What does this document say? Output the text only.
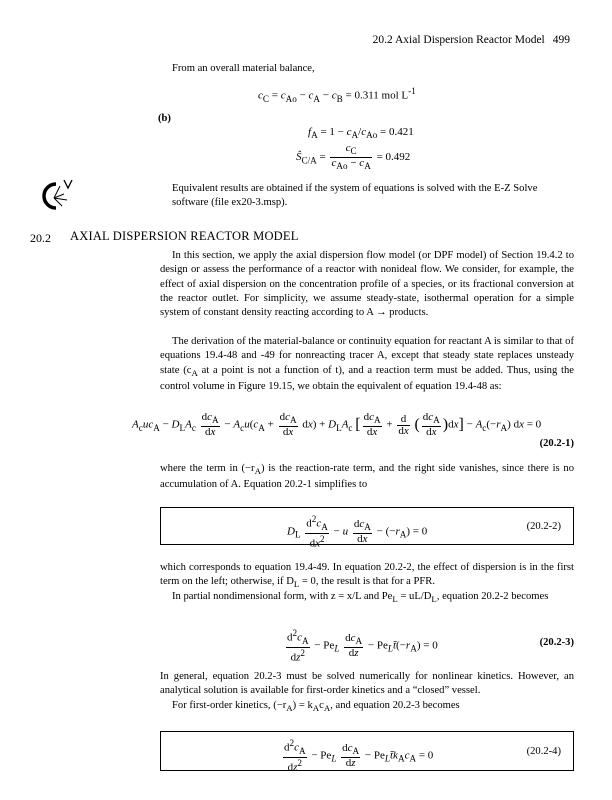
20.2 Axial Dispersion Reactor Model 499
From an overall material balance,
$c_C = c_{Ao} - c_A - c_B = 0.311$ mol $L^{-1}$
(b)
$f_A = 1 - c_A/c_{Ao} = 0.421$
$Ŝ_{C/A} = \frac{c_C}{c_{Ao} - c_A} = 0.492$
Equivalent results are obtained if the system of equations is solved with the E-Z Solve software (file ex20-3.msp).
20.2 AXIAL DISPERSION REACTOR MODEL
In this section, we apply the axial dispersion flow model (or DPF model) of Section 19.4.2 to design or assess the performance of a reactor with nonideal flow. We consider, for example, the effect of axial dispersion on the concentration profile of a species, or its fractional conversion at the reactor outlet. For simplicity, we assume steady-state, isothermal operation for a simple system of constant density reacting according to A → products.
The derivation of the material-balance or continuity equation for reactant A is similar to that of equations 19.4-48 and -49 for nonreacting tracer A, except that steady state replaces unsteady state ($c_A$ at a point is not a function of t), and a reaction term must be added. Thus, using the control volume in Figure 19.15, we obtain the equivalent of equation 19.4-48 as:
$A_cuc_A - D_LA_c \frac{dc_A}{dx} - A_cu(c_A + \frac{dc_A}{dx} dx) + D_LA_c$ [ $\frac{dc_A}{dx} + \frac{d}{dx}$ ( $\frac{dc_A}{dx} )dx] - A_c(-r_A)$ dx = 0
(20.2-1)
where the term in $(-r_A)$ is the reaction-rate term, and the right side vanishes, since there is no accumulation of A. Equation 20.2-1 simplifies to
$D_L \frac{d^2c_A}{dx^2} - u \frac{dc_A}{dx} - (-r_A) = 0$	(20.2-2)
which corresponds to equation 19.4-49. In equation 20.2-2, the effect of dispersion is in the first term on the left; otherwise, if $D_L = 0$, the result is that for a PFR.
In partial nondimensional form, with z = x/L and $Pe_L = uL/D_L$, equation 20.2-2 becomes
$\frac{d^2c_A}{dz^2} - Pe_L \frac{dc_A}{dz}$ − $Pe_Lt̄(-r_A) = 0$	(20.2-3)
In general, equation 20.2-3 must be solved numerically for nonlinear kinetics. However, an analytical solution is available for first-order kinetics and a “closed” vessel.
For first-order kinetics, $(-r_A) = k_Ac_A$, and equation 20.2-3 becomes
$\frac{d^2c_A}{dz^2} - Pe_L \frac{dc_A}{dz}$ − $Pe_Lt̄k_Ac_A = 0$	(20.2-4)
